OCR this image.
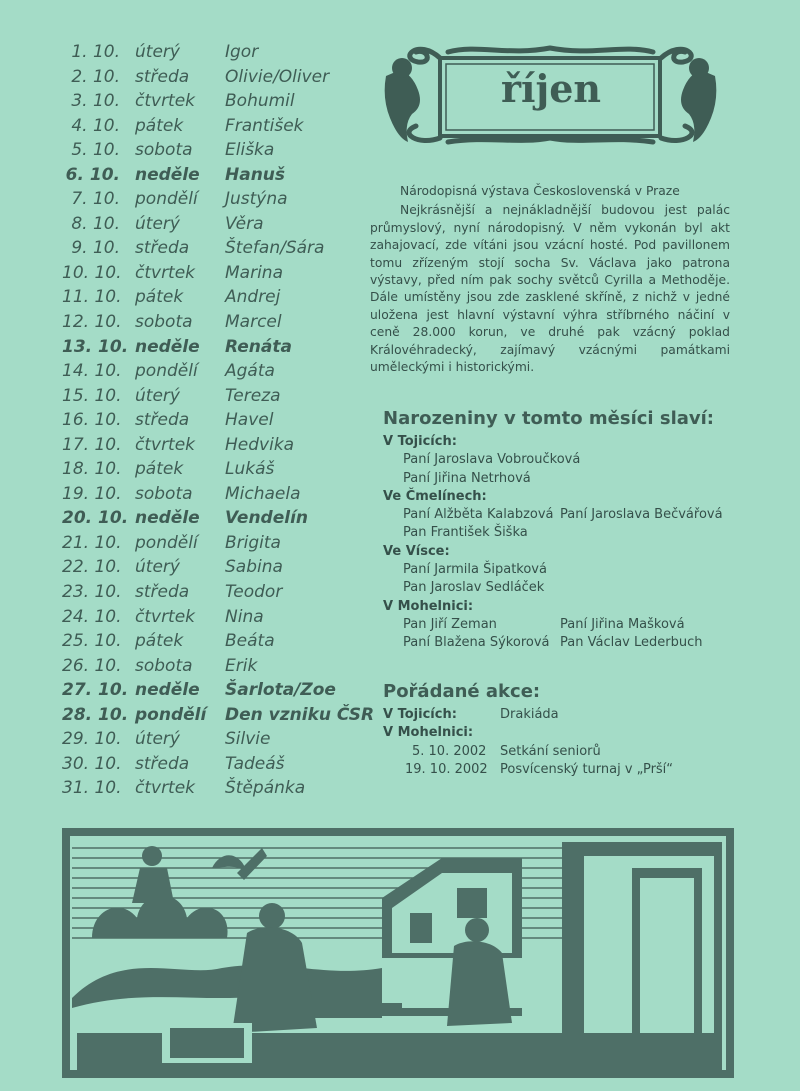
1. 10. úterý	Igor
2. 10. středa Olivie/Oliver
3. 10. čtvrtek Bohumil
4. 10. pátek František
5. 10. sobota Eliška
6. 10. neděle Hanuš
7. 10. pondělí Justýna
8. 10. úterý	Věra
9. 10. středa Štefan/Sára
10. 10. čtvrtek Marina
11. 10. pátek Andrej
12. 10. sobota Marcel
13. 10. neděle Renáta
14. 10. pondělí Agáta
15. 10. úterý	Tereza
16. 10. středa Havel
17. 10. čtvrtek Hedvika
18. 10. pátek Lukáš
19. 10. sobota Michaela
20. 10. neděle Vendelín
21. 10. pondělí Brigita
22. 10. úterý	Sabina
23. 10. středa Teodor
24. 10. čtvrtek Nina
25. 10. pátek Beáta
26. 10. sobota Erik
27. 10. neděle Šarlota/Zoe
28. 10. pondělí Den vzniku ČSR
29. 10. úterý	Silvie
30. 10. středa Tadeáš
31. 10. čtvrtek Štěpánka
říjen
Národopisná výstava Československá v Praze
Nejkrásnější a nejnákladnější budovou jest palác průmyslový, nyní národopisný. V něm vykonán byl akt zahajovací, zde vítáni jsou vzácní hosté. Pod pavillonem tomu zřízeným stojí socha Sv. Václava jako patrona výstavy, před ním pak sochy světců Cyrilla a Methoděje. Dále umístěny jsou zde zasklené skříně, z nichž v jedné uložena jest hlavní výstavní výhra stříbrného náčiní v ceně 28.000 korun, ve druhé pak vzácný poklad Královéhradecký, zajímavý vzácnými památkami uměleckými i historickými.
Narozeniny v tomto měsíci slaví:
V Tojicích:
Paní Jaroslava Vobroučková
Paní Jiřina Netrhová
Ve Čmelínech:
Paní Alžběta Kalabzová Paní Jaroslava Bečvářová
Pan František Šiška
Ve Vísce:
Paní Jarmila Šipatková
Pan Jaroslav Sedláček
V Mohelnici:
Pan Jiří Zeman	Paní Jiřina Mašková
Paní Blažena Sýkorová Pan Václav Lederbuch
Pořádané akce:
V Tojicích:	Drakiáda
V Mohelnici:
5. 10. 2002 Setkání seniorů
19. 10. 2002 Posvícenský turnaj v „Prší“
